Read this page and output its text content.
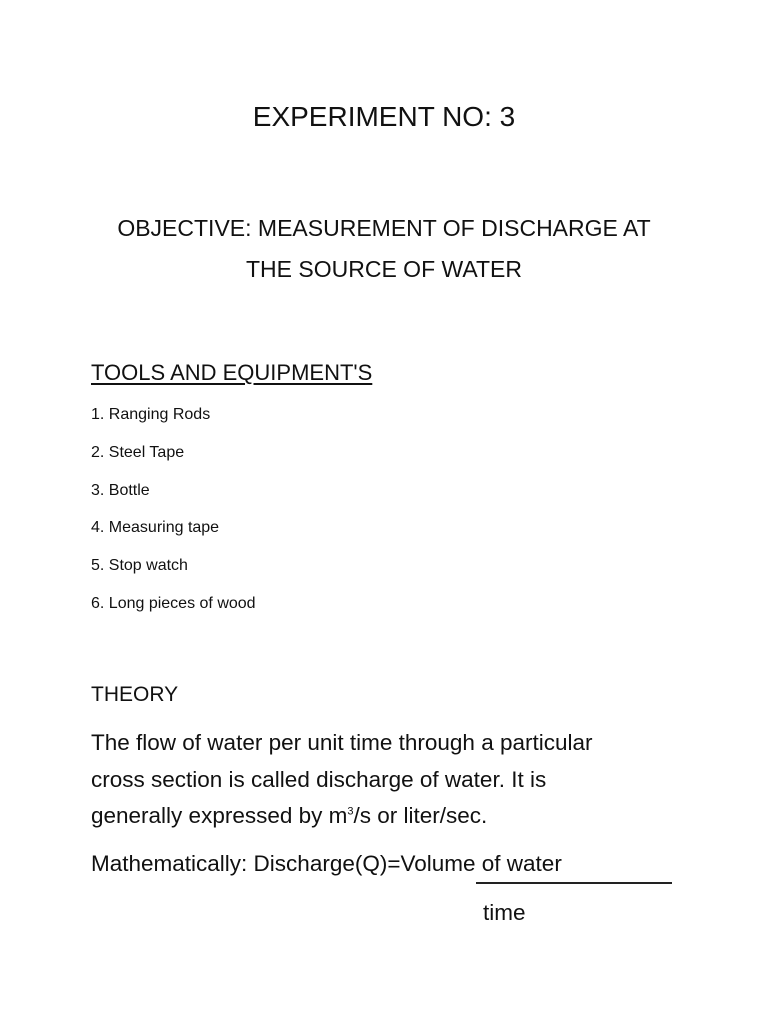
EXPERIMENT NO: 3
OBJECTIVE: MEASUREMENT OF DISCHARGE AT
THE SOURCE OF WATER
TOOLS AND EQUIPMENT'S
1. Ranging Rods
2. Steel Tape
3. Bottle
4. Measuring tape
5. Stop watch
6. Long pieces of wood
THEORY
The flow of water per unit time through a particular
cross section is called discharge of water. It is
generally expressed by $m^3/s$ or liter/sec.
Mathematically: Discharge(Q)=Volume of water
time
